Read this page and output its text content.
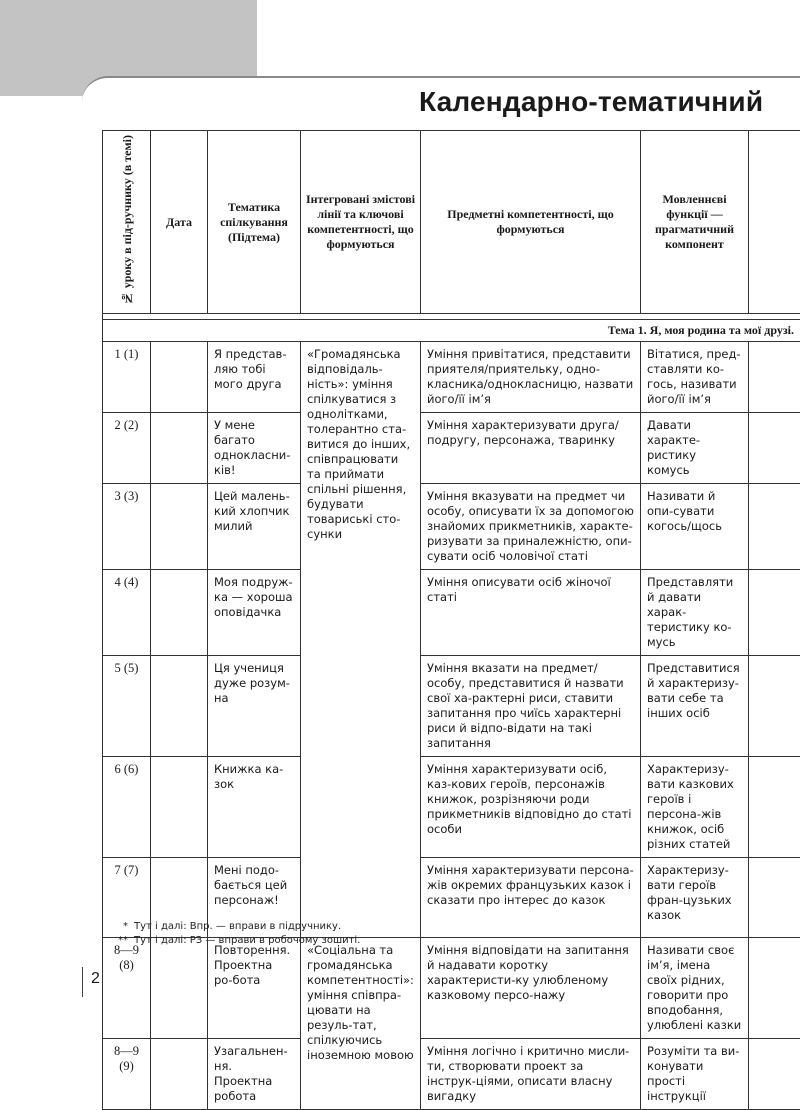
Календарно-тематичний
№ уроку в під-ручнику (в темі)	Дата	Тематика спілкування (Підтема)	Інтегровані змістові лінії та ключові компетентності, що формуються	Предметні компетентності, що формуються	Мовленнєві функції — прагматичний компонент	

Тема 1. Я, моя родина та мої друзі.						
1 (1)		Я представ-ляю тобі мого друга	«Громадянська відповідаль-ність»: уміння спілкуватися з однолітками, толерантно ста-витися до інших, співпрацювати та приймати спільні рішення, будувати товариські сто-сунки	Уміння привітатися, представити приятеля/приятельку, одно-класника/однокласницю, назвати його/її ім’я	Вітатися, пред-ставляти ко-гось, називати його/її ім’я	
2 (2)		У мене багато однокласни-ків!		Уміння характеризувати друга/подругу, персонажа, тваринку	Давати характе-ристику комусь	
3 (3)		Цей малень-кий хлопчик милий		Уміння вказувати на предмет чи особу, описувати їх за допомогою знайомих прикметників, характе-ризувати за приналежністю, опи-сувати осіб чоловічої статі	Називати й опи-сувати когось/щось	
4 (4)		Моя подруж-ка — хороша оповідачка		Уміння описувати осіб жіночої статі	Представляти й давати харак-теристику ко-мусь	
5 (5)		Ця учениця дуже розум-на		Уміння вказати на предмет/особу, представитися й назвати свої ха-рактерні риси, ставити запитання про чиїсь характерні риси й відпо-відати на такі запитання	Представитися й характеризу-вати себе та інших осіб	
6 (6)		Книжка ка-зок		Уміння характеризувати осіб, каз-кових героїв, персонажів книжок, розрізняючи роди прикметників відповідно до статі особи	Характеризу-вати казкових героїв і персона-жів книжок, осіб різних статей	
7 (7)		Мені подо-бається цей персонаж!		Уміння характеризувати персона-жів окремих французьких казок і сказати про інтерес до казок	Характеризу-вати героїв фран-цузьких казок	
8—9 (8)		Повторення. Проектна ро-бота	«Соціальна та громадянська компетентності»: уміння співпра-цювати на резуль-тат, спілкуючись іноземною мовою	Уміння відповідати на запитання й надавати коротку характеристи-ку улюбленому казковому персо-нажу	Називати своє ім’я, імена своїх рідних, говорити про вподобання, улюблені казки	
8—9 (9)		Узагальнен-ня. Проектна робота		Уміння логічно і критично мисли-ти, створювати проект за інструк-ціями, описати власну вигадку	Розуміти та ви-конувати прості інструкції	
* Тут і далі: Впр. — вправи в підручнику.
** Тут і далі: РЗ — вправи в робочому зошиті.
2
